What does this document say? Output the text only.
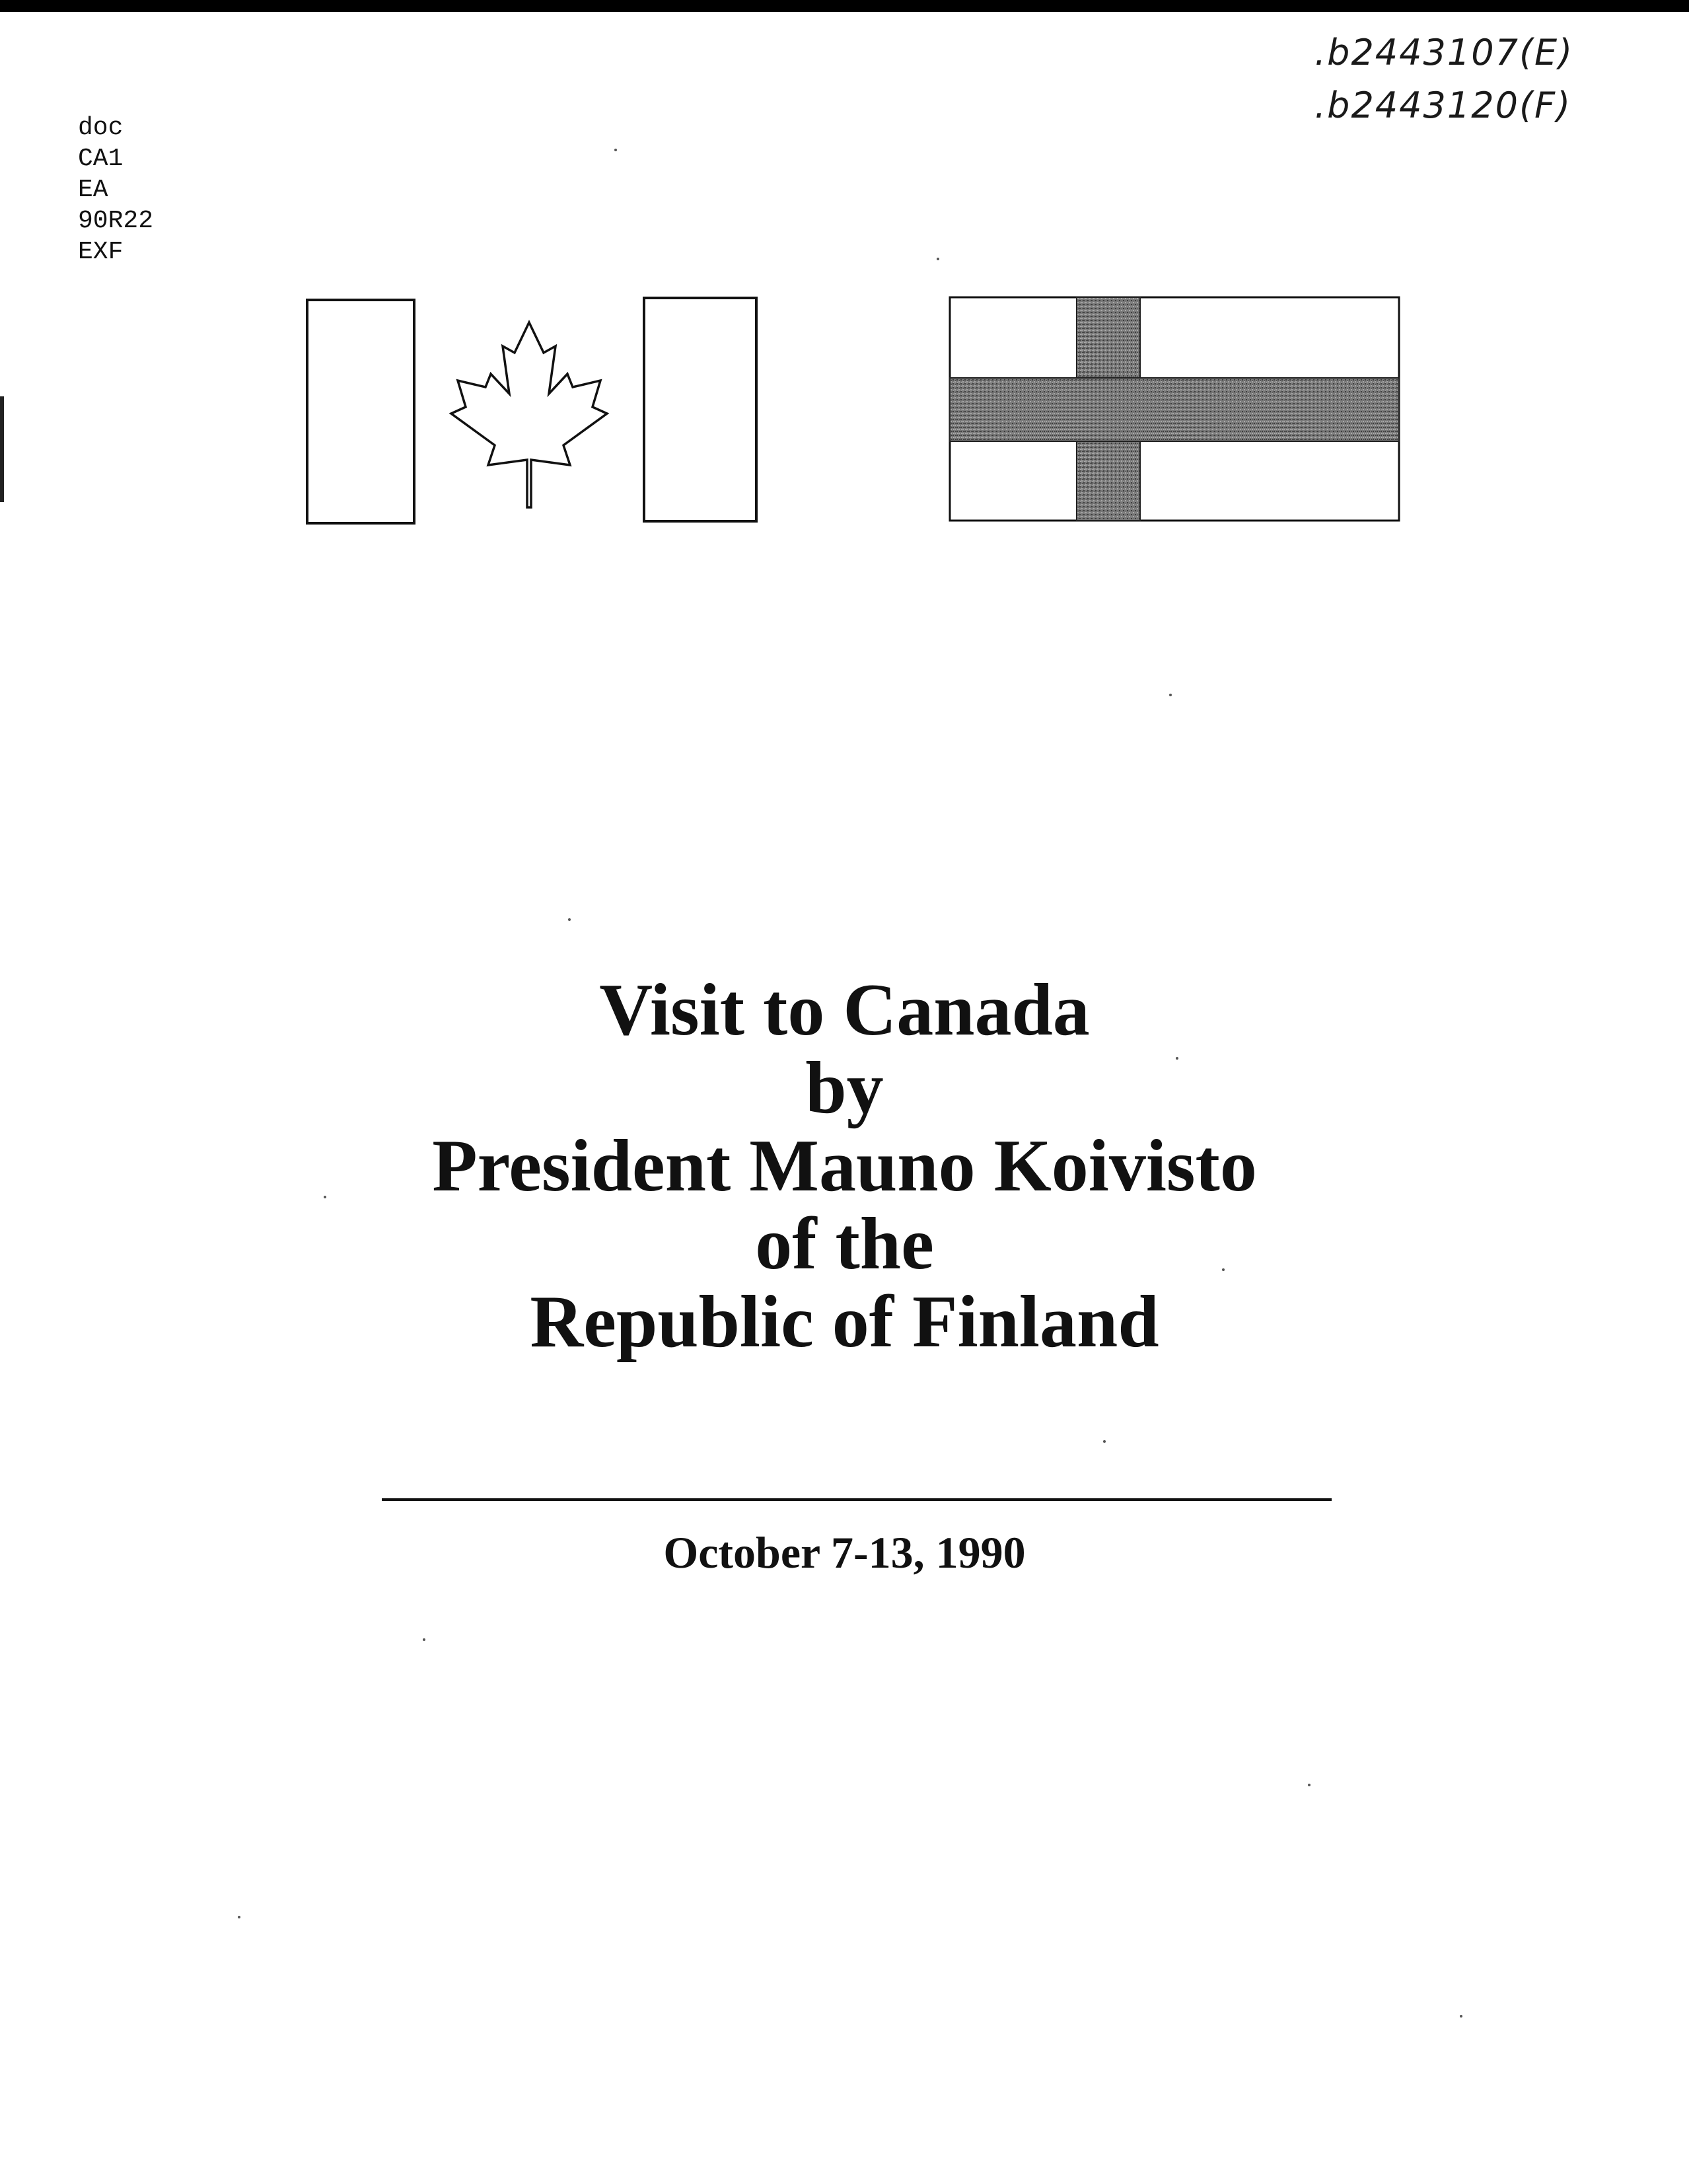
doc
CA1
EA
90R22
EXF
.b2443107(E)
.b2443120(F)
Visit to Canada
by
President Mauno Koivisto
of the
Republic of Finland
October 7-13, 1990
